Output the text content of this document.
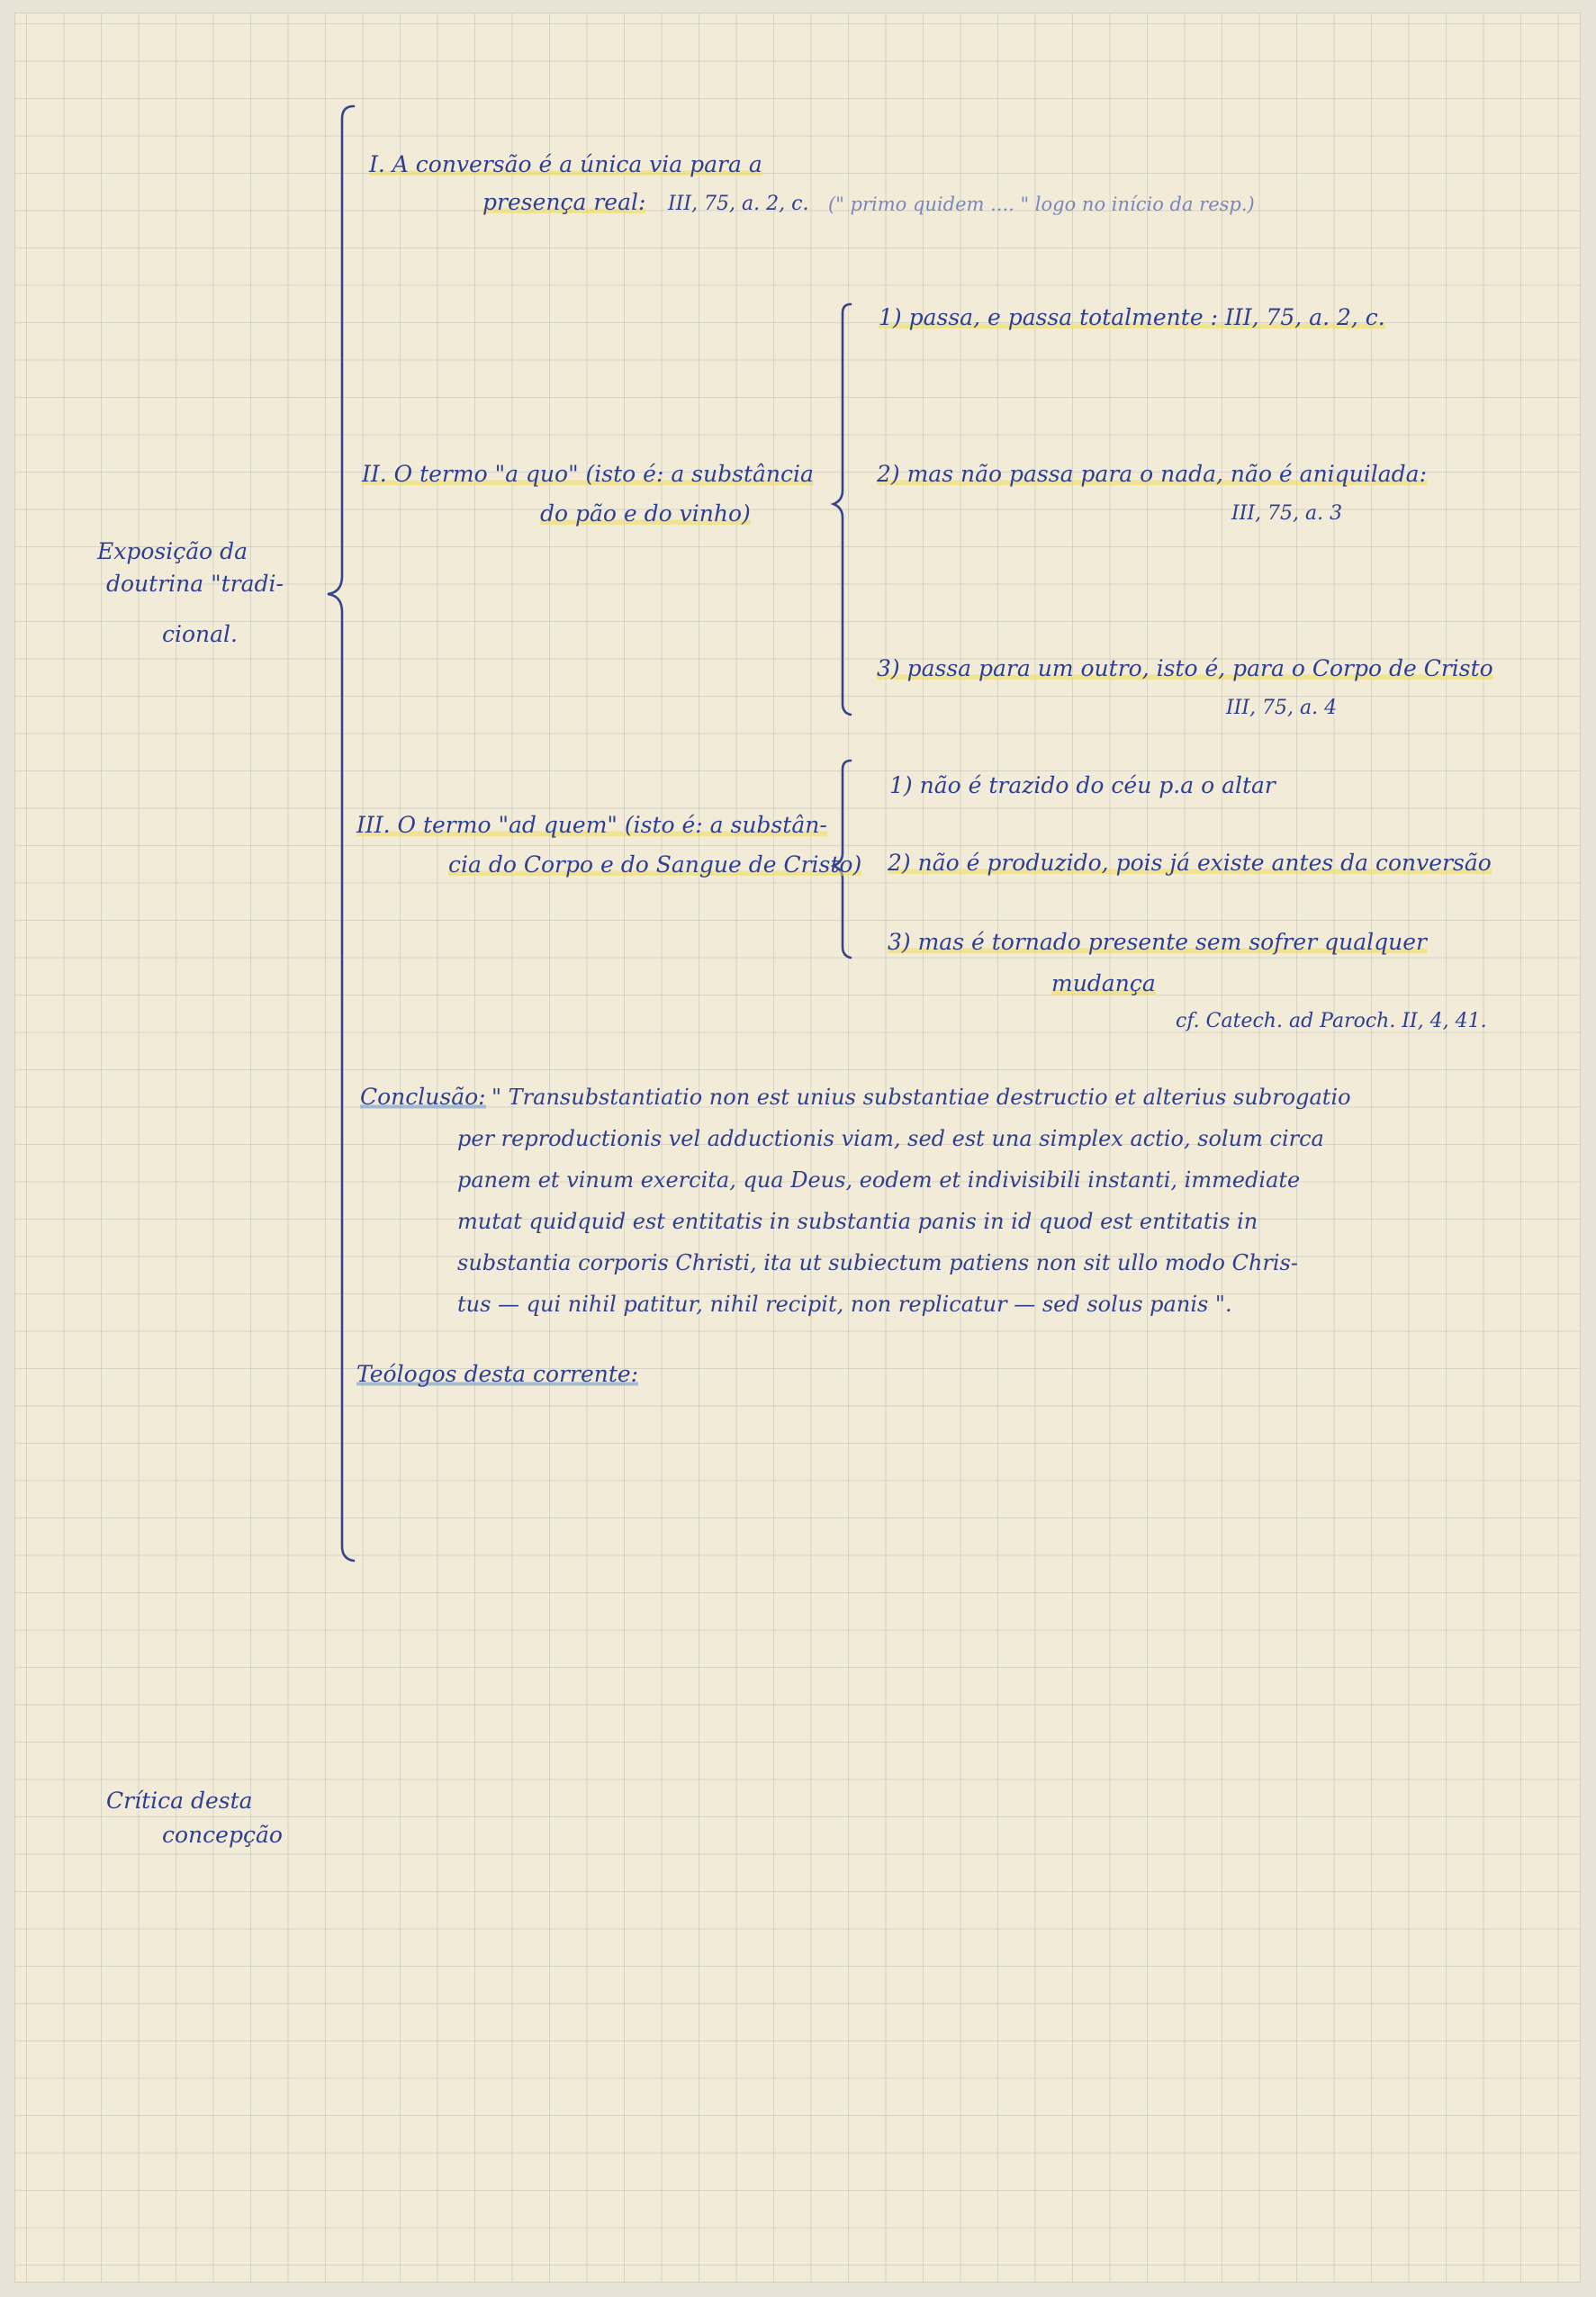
Exposição da
doutrina "tradi-
cional.
Crítica desta
concepção
I. A conversão é a única via para a
presença real: III, 75, a. 2, c. (" primo quidem .... " logo no início da resp.)
II. O termo "a quo" (isto é: a substância
do pão e do vinho)
1) passa, e passa totalmente : III, 75, a. 2, c.
2) mas não passa para o nada, não é aniquilada:
III, 75, a. 3
3) passa para um outro, isto é, para o Corpo de Cristo
III, 75, a. 4
III. O termo "ad quem" (isto é: a substân-
cia do Corpo e do Sangue de Cristo)
1) não é trazido do céu p.a o altar
2) não é produzido, pois já existe antes da conversão
3) mas é tornado presente sem sofrer qualquer
mudança
cf. Catech. ad Paroch. II, 4, 41.
Conclusão: " Transubstantiatio non est unius substantiae destructio et alterius subrogatio
per reproductionis vel adductionis viam, sed est una simplex actio, solum circa
panem et vinum exercita, qua Deus, eodem et indivisibili instanti, immediate
mutat quidquid est entitatis in substantia panis in id quod est entitatis in
substantia corporis Christi, ita ut subiectum patiens non sit ullo modo Chris-
tus — qui nihil patitur, nihil recipit, non replicatur — sed solus panis ".
Teólogos desta corrente:
